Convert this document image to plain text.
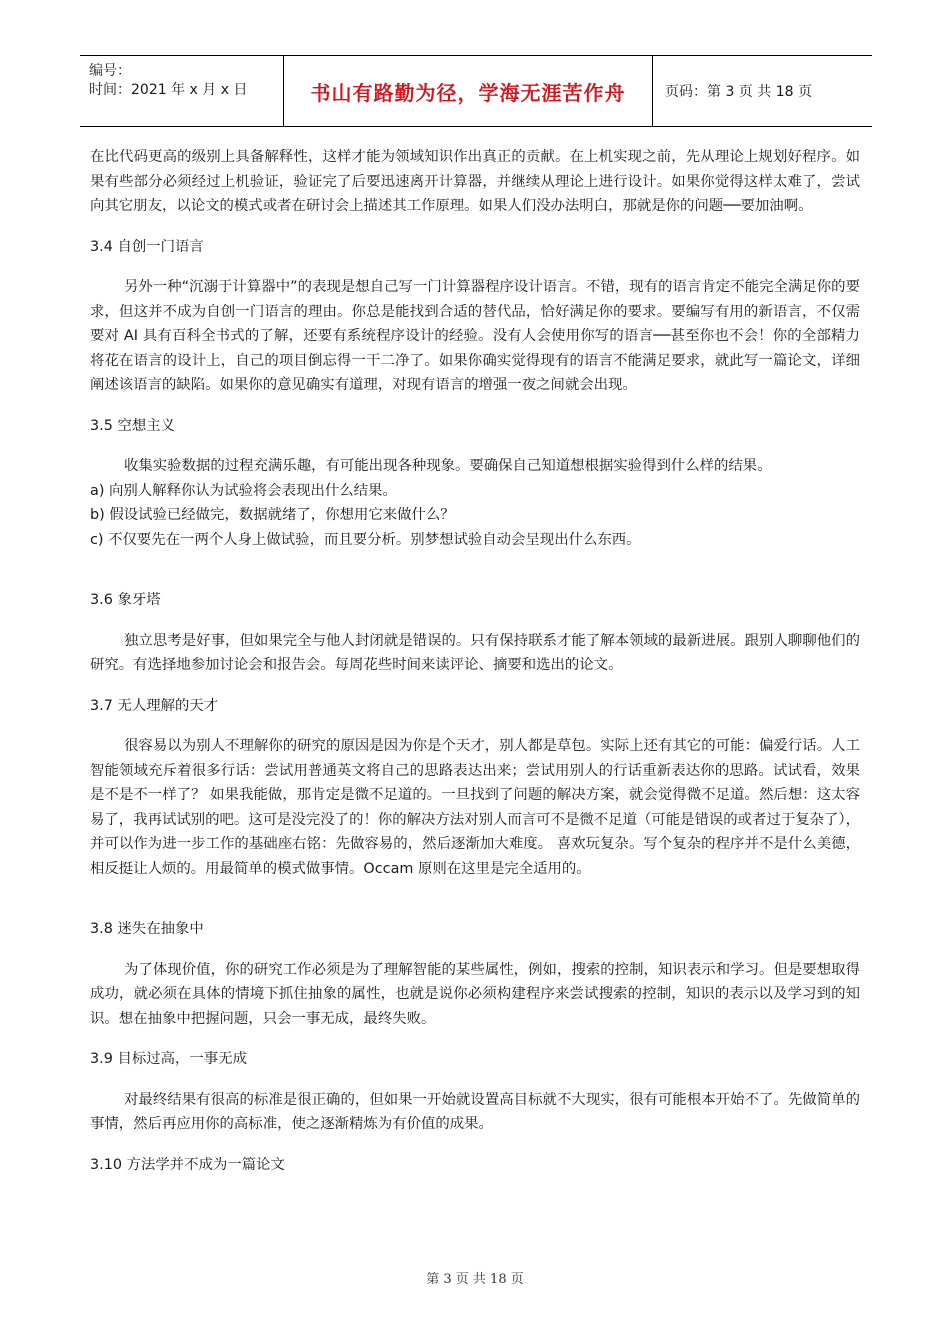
编号：
时间：2021 年 x 月 x 日	书山有路勤为径，学海无涯苦作舟	页码：第 3 页 共 18 页

在比代码更高的级别上具备解释性，这样才能为领域知识作出真正的贡献。在上机实现之前，先从理论上规划好程序。如果有些部分必须经过上机验证，验证完了后要迅速离开计算器，并继续从理论上进行设计。如果你觉得这样太难了，尝试向其它朋友，以论文的模式或者在研讨会上描述其工作原理。如果人们没办法明白，那就是你的问题──要加油啊。

3.4 自创一门语言

另外一种“沉溺于计算器中”的表现是想自己写一门计算器程序设计语言。不错，现有的语言肯定不能完全满足你的要求，但这并不成为自创一门语言的理由。你总是能找到合适的替代品，恰好满足你的要求。要编写有用的新语言，不仅需要对 AI 具有百科全书式的了解，还要有系统程序设计的经验。没有人会使用你写的语言──甚至你也不会！你的全部精力将花在语言的设计上，自己的项目倒忘得一干二净了。如果你确实觉得现有的语言不能满足要求，就此写一篇论文，详细阐述该语言的缺陷。如果你的意见确实有道理，对现有语言的增强一夜之间就会出现。

3.5 空想主义

收集实验数据的过程充满乐趣，有可能出现各种现象。要确保自己知道想根据实验得到什么样的结果。

a) 向别人解释你认为试验将会表现出什么结果。

b) 假设试验已经做完，数据就绪了，你想用它来做什么？

c) 不仅要先在一两个人身上做试验，而且要分析。别梦想试验自动会呈现出什么东西。

3.6 象牙塔

独立思考是好事，但如果完全与他人封闭就是错误的。只有保持联系才能了解本领域的最新进展。跟别人聊聊他们的研究。有选择地参加讨论会和报告会。每周花些时间来读评论、摘要和选出的论文。

3.7 无人理解的天才

很容易以为别人不理解你的研究的原因是因为你是个天才，别人都是草包。实际上还有其它的可能：偏爱行话。人工智能领域充斥着很多行话：尝试用普通英文将自己的思路表达出来；尝试用别人的行话重新表达你的思路。试试看，效果是不是不一样了？ 如果我能做，那肯定是微不足道的。一旦找到了问题的解决方案，就会觉得微不足道。然后想：这太容易了，我再试试别的吧。这可是没完没了的！你的解决方法对别人而言可不是微不足道（可能是错误的或者过于复杂了），并可以作为进一步工作的基础座右铭：先做容易的，然后逐渐加大难度。 喜欢玩复杂。写个复杂的程序并不是什么美德，相反挺让人烦的。用最简单的模式做事情。Occam 原则在这里是完全适用的。

3.8 迷失在抽象中

为了体现价值，你的研究工作必须是为了理解智能的某些属性，例如，搜索的控制，知识表示和学习。但是要想取得成功，就必须在具体的情境下抓住抽象的属性，也就是说你必须构建程序来尝试搜索的控制，知识的表示以及学习到的知识。想在抽象中把握问题，只会一事无成，最终失败。

3.9 目标过高，一事无成

对最终结果有很高的标准是很正确的，但如果一开始就设置高目标就不大现实，很有可能根本开始不了。先做简单的事情，然后再应用你的高标准，使之逐渐精炼为有价值的成果。

3.10 方法学并不成为一篇论文

第 3 页 共 18 页
